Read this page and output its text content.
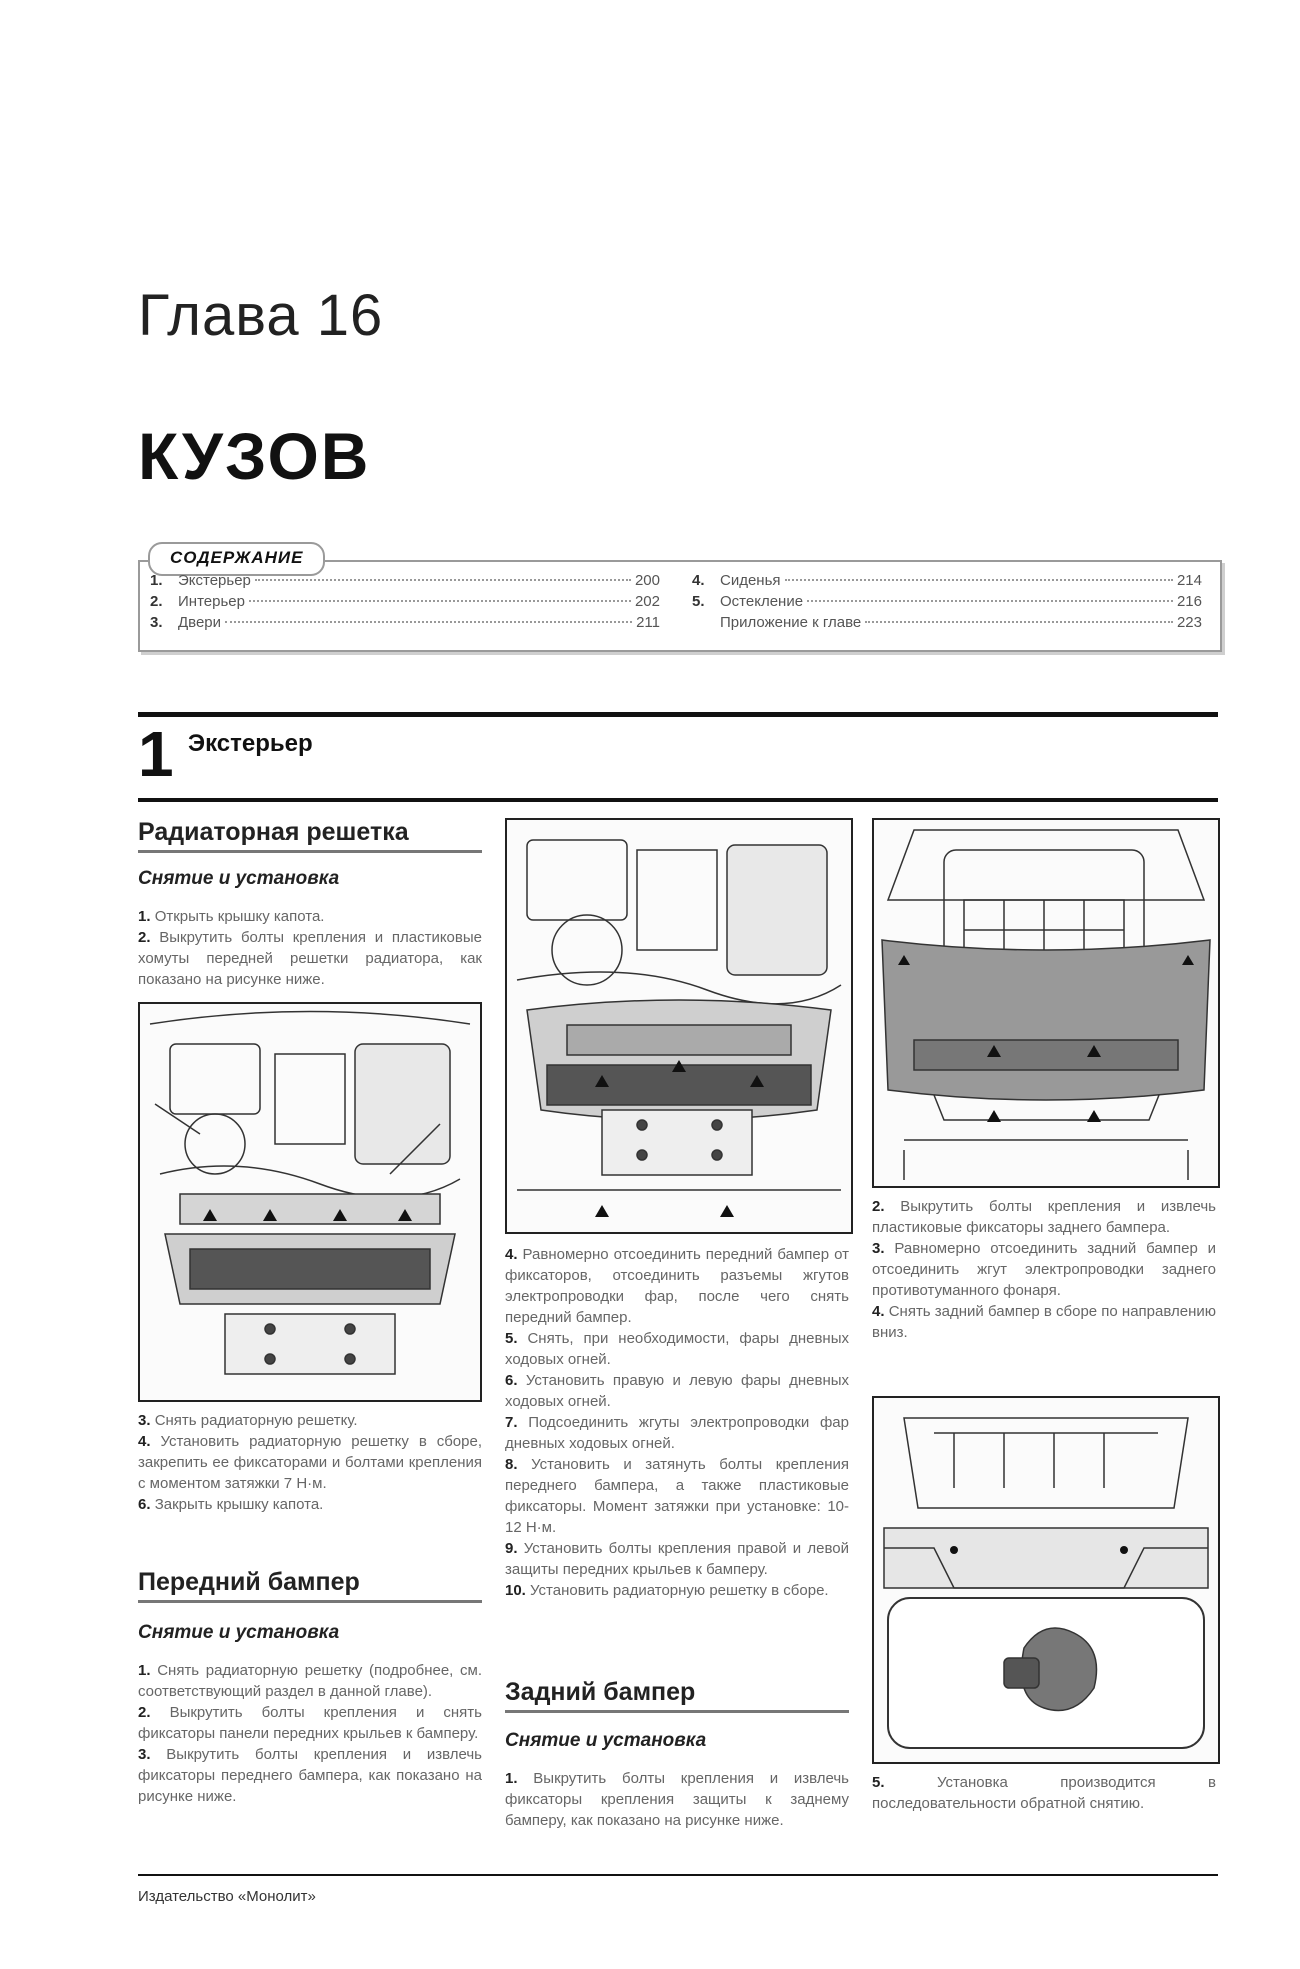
Глава 16
КУЗОВ
СОДЕРЖАНИЕ
1.	Экстерьер	200
2.	Интерьер	202
3.	Двери	211
4.	Сиденья	214
5.	Остекление	216
Приложение к главе	223
1 Экстерьер
Радиаторная решетка
Снятие и установка

1. Открыть крышку капота.

2. Выкрутить болты крепления и пластиковые хомуты передней решетки радиатора, как показано на рисунке ниже.

3. Снять радиаторную решетку.

4. Установить радиаторную решетку в сборе, закрепить ее фиксаторами и болтами крепления с моментом затяжки 7 Н·м.

6. Закрыть крышку капота.

Передний бампер
Снятие и установка

1. Снять радиаторную решетку (подробнее, см. соответствующий раздел в данной главе).

2. Выкрутить болты крепления и снять фиксаторы панели передних крыльев к бамперу.

3. Выкрутить болты крепления и извлечь фиксаторы переднего бампера, как показано на рисунке ниже.

4. Равномерно отсоединить передний бампер от фиксаторов, отсоединить разъемы жгутов электропроводки фар, после чего снять передний бампер.

5. Снять, при необходимости, фары дневных ходовых огней.

6. Установить правую и левую фары дневных ходовых огней.

7. Подсоединить жгуты электропроводки фар дневных ходовых огней.

8. Установить и затянуть болты крепления переднего бампера, а также пластиковые фиксаторы. Момент затяжки при установке: 10-12 Н·м.

9. Установить болты крепления правой и левой защиты передних крыльев к бамперу.

10. Установить радиаторную решетку в сборе.

Задний бампер
Снятие и установка

1. Выкрутить болты крепления и извлечь фиксаторы крепления защиты к заднему бамперу, как показано на рисунке ниже.

2. Выкрутить болты крепления и извлечь пластиковые фиксаторы заднего бампера.

3. Равномерно отсоединить задний бампер и отсоединить жгут электропроводки заднего противотуманного фонаря.

4. Снять задний бампер в сборе по направлению вниз.

5.	Установка производится в последовательности обратной снятию.

Издательство «Монолит»
